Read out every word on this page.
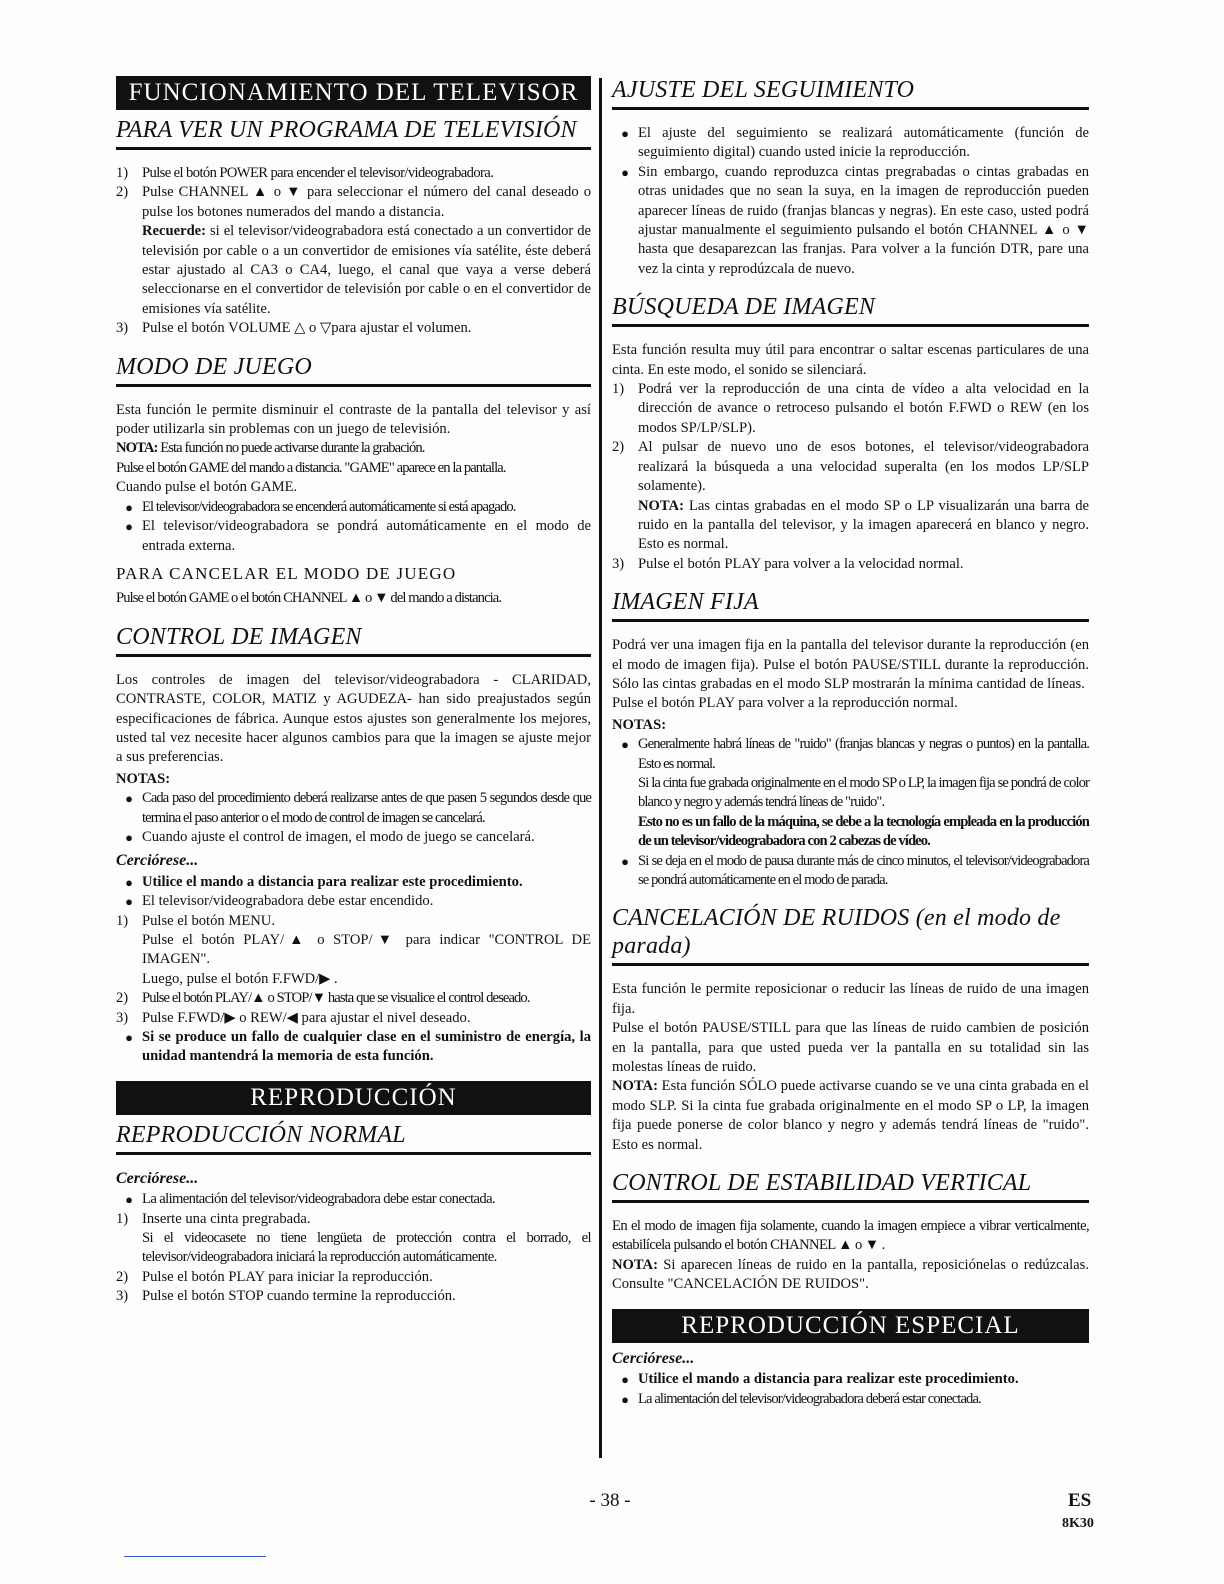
FUNCIONAMIENTO DEL TELEVISOR
PARA VER UN PROGRAMA DE TELEVISIÓN
1) Pulse el botón POWER para encender el televisor/videograbadora.
2) Pulse CHANNEL ▲ o ▼ para seleccionar el número del canal deseado o pulse los botones numerados del mando a distancia.
Recuerde: si el televisor/videograbadora está conectado a un convertidor de televisión por cable o a un convertidor de emisiones vía satélite, éste deberá estar ajustado al CA3 o CA4, luego, el canal que vaya a verse deberá seleccionarse en el convertidor de televisión por cable o en el convertidor de emisiones vía satélite.
3) Pulse el botón VOLUME △ o ▽para ajustar el volumen.
MODO DE JUEGO

Esta función le permite disminuir el contraste de la pantalla del televisor y así poder utilizarla sin problemas con un juego de televisión.

NOTA: Esta función no puede activarse durante la grabación.

Pulse el botón GAME del mando a distancia. "GAME" aparece en la pantalla.

Cuando pulse el botón GAME.

● El televisor/videograbadora se encenderá automáticamente si está apagado.
● El televisor/videograbadora se pondrá automáticamente en el modo de entrada externa.
PARA CANCELAR EL MODO DE JUEGO

Pulse el botón GAME o el botón CHANNEL ▲ o ▼ del mando a distancia.

CONTROL DE IMAGEN

Los controles de imagen del televisor/videograbadora - CLARIDAD, CONTRASTE, COLOR, MATIZ y AGUDEZA- han sido preajustados según especificaciones de fábrica. Aunque estos ajustes son generalmente los mejores, usted tal vez necesite hacer algunos cambios para que la imagen se ajuste mejor a sus preferencias.

NOTAS:

● Cada paso del procedimiento deberá realizarse antes de que pasen 5 segundos desde que termina el paso anterior o el modo de control de imagen se cancelará.
● Cuando ajuste el control de imagen, el modo de juego se cancelará.

Cerciórese...

● Utilice el mando a distancia para realizar este procedimiento.
● El televisor/videograbadora debe estar encendido.
1) Pulse el botón MENU.
Pulse el botón PLAY/▲ o STOP/▼ para indicar "CONTROL DE IMAGEN".
Luego, pulse el botón F.FWD/▶ .
2) Pulse el botón PLAY/▲ o STOP/▼ hasta que se visualice el control deseado.
3) Pulse F.FWD/▶ o REW/◀ para ajustar el nivel deseado.
● Si se produce un fallo de cualquier clase en el suministro de energía, la unidad mantendrá la memoria de esta función.
REPRODUCCIÓN
REPRODUCCIÓN NORMAL

Cerciórese...

● La alimentación del televisor/videograbadora debe estar conectada.
1) Inserte una cinta pregrabada.
Si el videocasete no tiene lengüeta de protección contra el borrado, el televisor/videograbadora iniciará la reproducción automáticamente.
2) Pulse el botón PLAY para iniciar la reproducción.
3) Pulse el botón STOP cuando termine la reproducción.
AJUSTE DEL SEGUIMIENTO
● El ajuste del seguimiento se realizará automáticamente (función de seguimiento digital) cuando usted inicie la reproducción.
● Sin embargo, cuando reproduzca cintas pregrabadas o cintas grabadas en otras unidades que no sean la suya, en la imagen de reproducción pueden aparecer líneas de ruido (franjas blancas y negras). En este caso, usted podrá ajustar manualmente el seguimiento pulsando el botón CHANNEL ▲ o ▼ hasta que desaparezcan las franjas. Para volver a la función DTR, pare una vez la cinta y reprodúzcala de nuevo.
BÚSQUEDA DE IMAGEN

Esta función resulta muy útil para encontrar o saltar escenas particulares de una cinta. En este modo, el sonido se silenciará.

1) Podrá ver la reproducción de una cinta de vídeo a alta velocidad en la dirección de avance o retroceso pulsando el botón F.FWD o REW (en los modos SP/LP/SLP).
2) Al pulsar de nuevo uno de esos botones, el televisor/videograbadora realizará la búsqueda a una velocidad superalta (en los modos LP/SLP solamente).
NOTA: Las cintas grabadas en el modo SP o LP visualizarán una barra de ruido en la pantalla del televisor, y la imagen aparecerá en blanco y negro. Esto es normal.
3) Pulse el botón PLAY para volver a la velocidad normal.
IMAGEN FIJA

Podrá ver una imagen fija en la pantalla del televisor durante la reproducción (en el modo de imagen fija). Pulse el botón PAUSE/STILL durante la reproducción. Sólo las cintas grabadas en el modo SLP mostrarán la mínima cantidad de líneas.

Pulse el botón PLAY para volver a la reproducción normal.

NOTAS:

● Generalmente habrá líneas de "ruido" (franjas blancas y negras o puntos) en la pantalla. Esto es normal.
Si la cinta fue grabada originalmente en el modo SP o LP, la imagen fija se pondrá de color blanco y negro y además tendrá líneas de "ruido".
Esto no es un fallo de la máquina, se debe a la tecnología empleada en la producción de un televisor/videograbadora con 2 cabezas de vídeo.
● Si se deja en el modo de pausa durante más de cinco minutos, el televisor/videograbadora se pondrá automáticamente en el modo de parada.
CANCELACIÓN DE RUIDOS (en el modo de parada)

Esta función le permite reposicionar o reducir las líneas de ruido de una imagen fija.

Pulse el botón PAUSE/STILL para que las líneas de ruido cambien de posición en la pantalla, para que usted pueda ver la pantalla en su totalidad sin las molestas líneas de ruido.

NOTA: Esta función SÓLO puede activarse cuando se ve una cinta grabada en el modo SLP. Si la cinta fue grabada originalmente en el modo SP o LP, la imagen fija puede ponerse de color blanco y negro y además tendrá líneas de "ruido". Esto es normal.

CONTROL DE ESTABILIDAD VERTICAL

En el modo de imagen fija solamente, cuando la imagen empiece a vibrar verticalmente, estabilícela pulsando el botón CHANNEL ▲ o ▼ .

NOTA: Si aparecen líneas de ruido en la pantalla, reposiciónelas o redúzcalas. Consulte "CANCELACIÓN DE RUIDOS".

REPRODUCCIÓN ESPECIAL

Cerciórese...

● Utilice el mando a distancia para realizar este procedimiento.
● La alimentación del televisor/videograbadora deberá estar conectada.
- 38 -	ES
8K30
